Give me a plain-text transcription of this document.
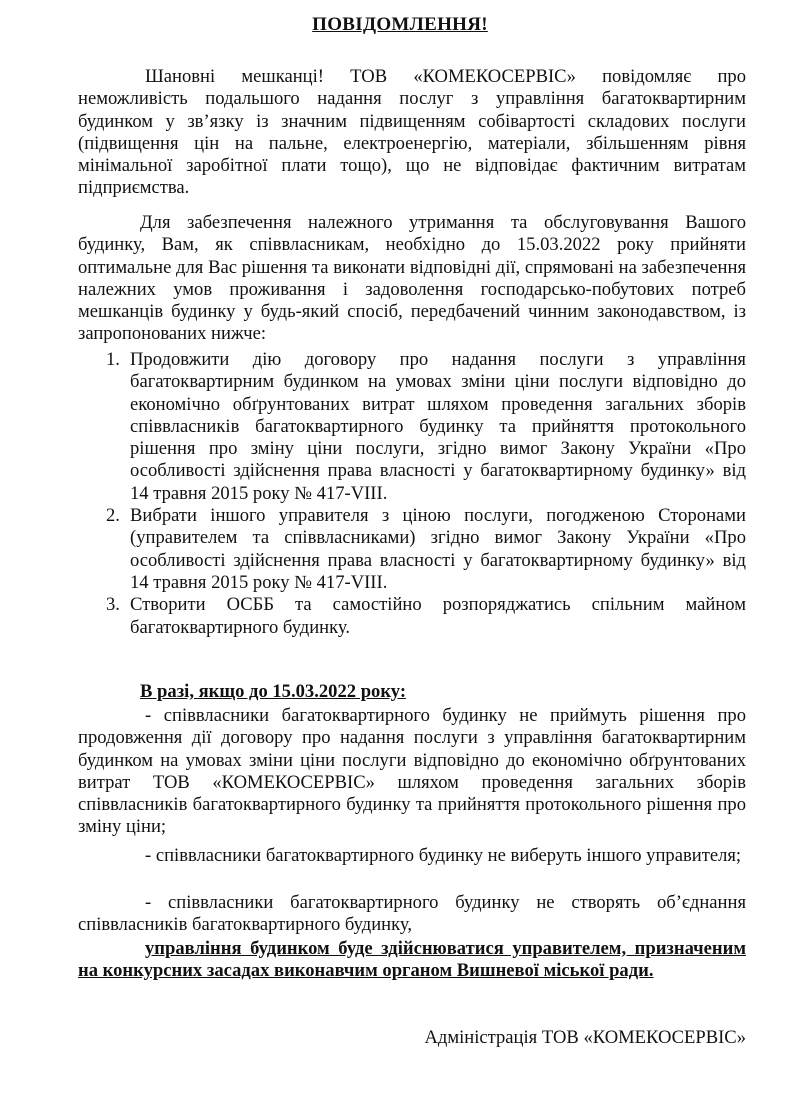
ПОВІДОМЛЕННЯ!
Шановні мешканці! ТОВ «КОМЕКОСЕРВІС» повідомляє про неможливість подальшого надання послуг з управління багатоквартирним будинком у зв’язку із значним підвищенням собівартості складових послуги (підвищення цін на пальне, електроенергію, матеріали, збільшенням рівня мінімальної заробітної плати тощо), що не відповідає фактичним витратам підприємства.
Для забезпечення належного утримання та обслуговування Вашого будинку, Вам, як співвласникам, необхідно до 15.03.2022 року прийняти оптимальне для Вас рішення та виконати відповідні дії, спрямовані на забезпечення належних умов проживання і задоволення господарсько-побутових потреб мешканців будинку у будь-який спосіб, передбачений чинним законодавством, із запропонованих нижче:
1. Продовжити дію договору про надання послуги з управління багатоквартирним будинком на умовах зміни ціни послуги відповідно до економічно обґрунтованих витрат шляхом проведення загальних зборів співвласників багатоквартирного будинку та прийняття протокольного рішення про зміну ціни послуги, згідно вимог Закону України «Про особливості здійснення права власності у багатоквартирному будинку» від 14 травня 2015 року № 417-VIII.
2. Вибрати іншого управителя з ціною послуги, погодженою Сторонами (управителем та співвласниками) згідно вимог Закону України «Про особливості здійснення права власності у багатоквартирному будинку» від 14 травня 2015 року № 417-VIII.
3. Створити ОСББ та самостійно розпоряджатись спільним майном багатоквартирного будинку.
В разі, якщо до 15.03.2022 року:
- співвласники багатоквартирного будинку не приймуть рішення про продовження дії договору про надання послуги з управління багатоквартирним будинком на умовах зміни ціни послуги відповідно до економічно обґрунтованих витрат ТОВ «КОМЕКОСЕРВІС» шляхом проведення загальних зборів співвласників багатоквартирного будинку та прийняття протокольного рішення про зміну ціни;
- співвласники багатоквартирного будинку не виберуть іншого управителя;
- співвласники багатоквартирного будинку не створять об’єднання співвласників багатоквартирного будинку,
управління будинком буде здійснюватися управителем, призначеним на конкурсних засадах виконавчим органом Вишневої міської ради.
Адміністрація ТОВ «КОМЕКОСЕРВІС»
